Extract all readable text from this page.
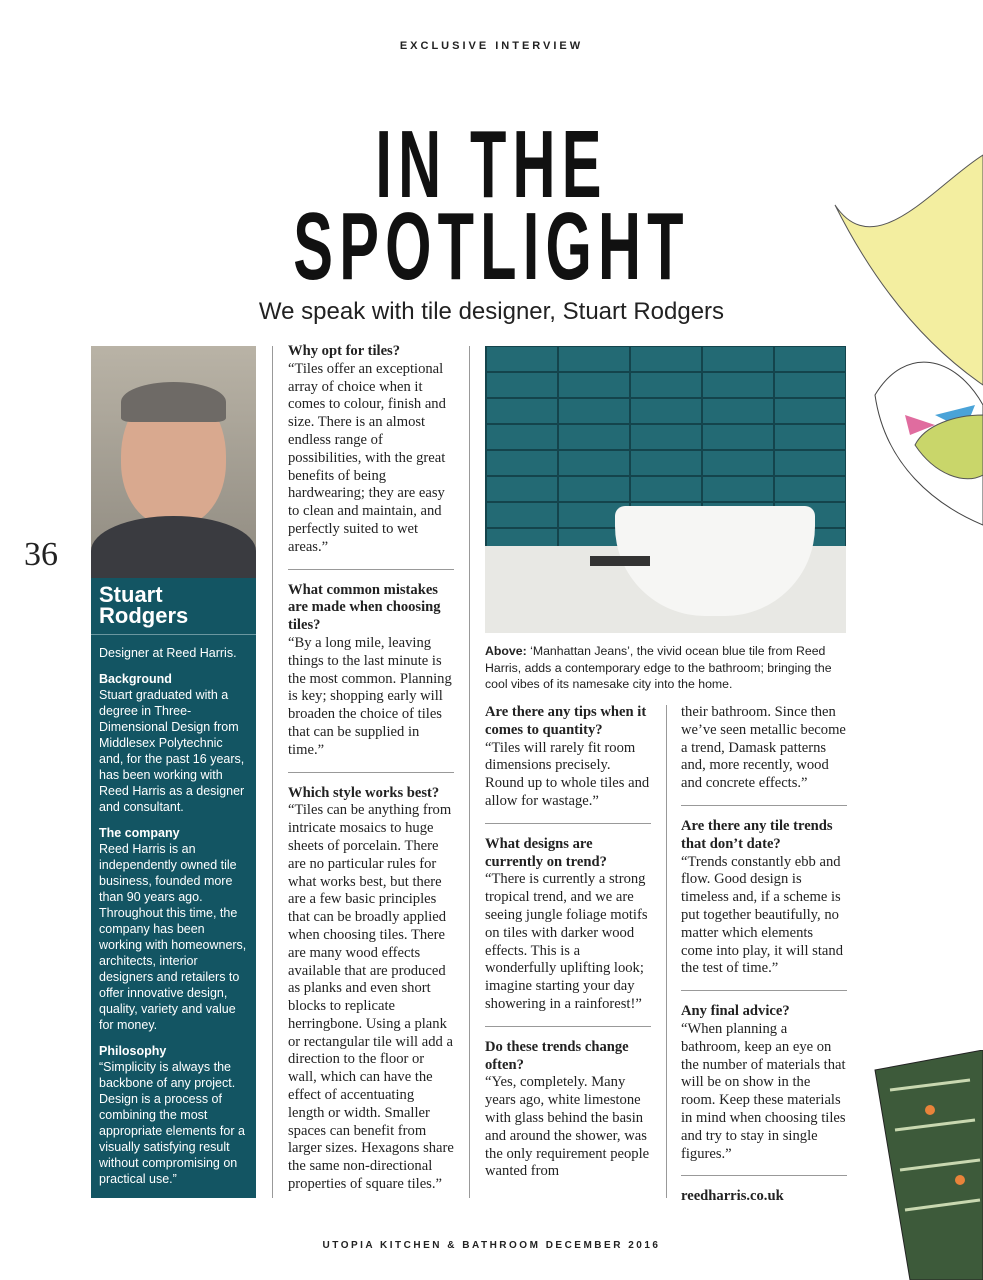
EXCLUSIVE INTERVIEW
IN THE
SPOTLIGHT
We speak with tile designer, Stuart Rodgers
36
Stuart Rodgers

Designer at Reed Harris.

Background
Stuart graduated with a degree in Three-Dimensional Design from Middlesex Polytechnic and, for the past 16 years, has been working with Reed Harris as a designer and consultant.

The company
Reed Harris is an independently owned tile business, founded more than 90 years ago. Throughout this time, the company has been working with homeowners, architects, interior designers and retailers to offer innovative design, quality, variety and value for money.

Philosophy
“Simplicity is always the backbone of any project. Design is a process of combining the most appropriate elements for a visually satisfying result without compromising on practical use.”

Why opt for tiles?
“Tiles offer an exceptional array of choice when it comes to colour, finish and size. There is an almost endless range of possibilities, with the great benefits of being hardwearing; they are easy to clean and maintain, and perfectly suited to wet areas.”
What common mistakes are made when choosing tiles?
“By a long mile, leaving things to the last minute is the most common. Planning is key; shopping early will broaden the choice of tiles that can be supplied in time.”
Which style works best?
“Tiles can be anything from intricate mosaics to huge sheets of porcelain. There are no particular rules for what works best, but there are a few basic principles that can be broadly applied when choosing tiles. There are many wood effects available that are produced as planks and even short blocks to replicate herringbone. Using a plank or rectangular tile will add a direction to the floor or wall, which can have the effect of accentuating length or width. Smaller spaces can benefit from larger sizes. Hexagons share the same non-directional properties of square tiles.”
Above: ‘Manhattan Jeans’, the vivid ocean blue tile from Reed Harris, adds a contemporary edge to the bathroom; bringing the cool vibes of its namesake city into the home.
Are there any tips when it comes to quantity?
“Tiles will rarely fit room dimensions precisely. Round up to whole tiles and allow for wastage.”
What designs are currently on trend?
“There is currently a strong tropical trend, and we are seeing jungle foliage motifs on tiles with darker wood effects. This is a wonderfully uplifting look; imagine starting your day showering in a rainforest!”
Do these trends change often?
“Yes, completely. Many years ago, white limestone with glass behind the basin and around the shower, was the only requirement people wanted from
their bathroom. Since then we’ve seen metallic become a trend, Damask patterns and, more recently, wood and concrete effects.”
Are there any tile trends that don’t date?
“Trends constantly ebb and flow. Good design is timeless and, if a scheme is put together beautifully, no matter which elements come into play, it will stand the test of time.”
Any final advice?
“When planning a bathroom, keep an eye on the number of materials that will be on show in the room. Keep these materials in mind when choosing tiles and try to stay in single figures.”
reedharris.co.uk
UTOPIA KITCHEN & BATHROOM DECEMBER 2016
